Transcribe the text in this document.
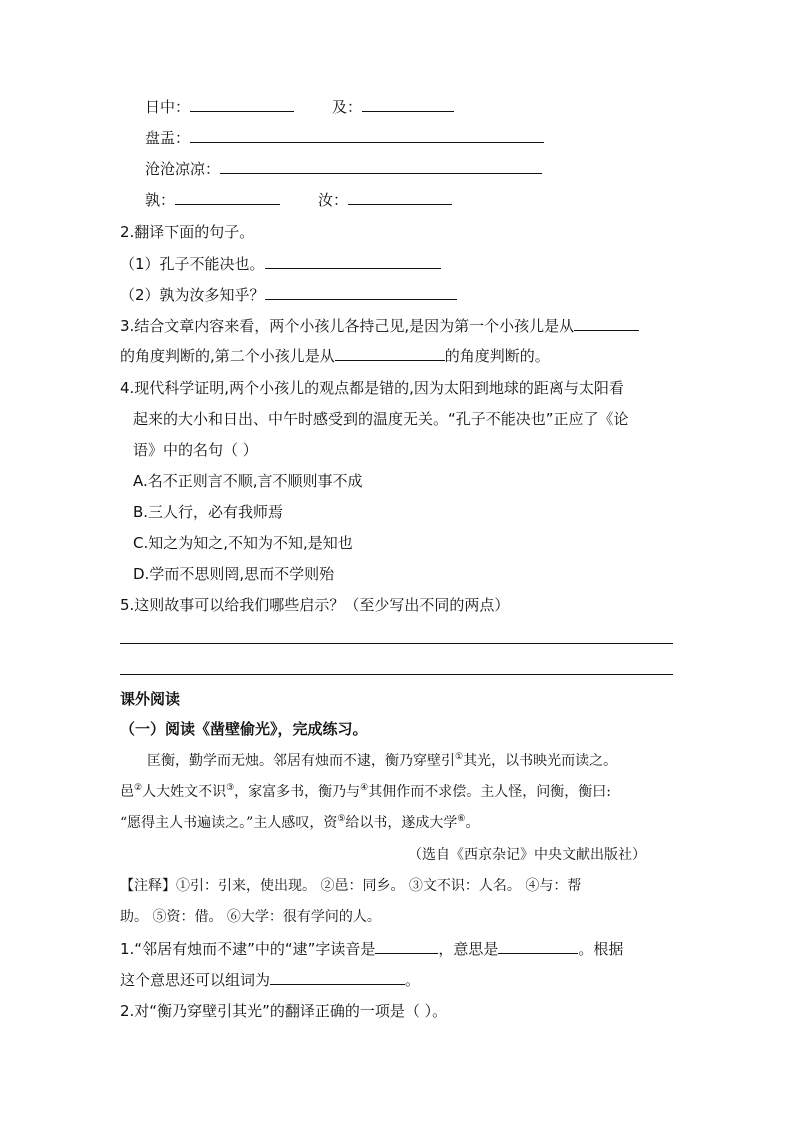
日中：	及：
盘盂：
沧沧凉凉：
孰：	汝：
2.翻译下面的句子。
（1）孔子不能决也。
（2）孰为汝多知乎？
3.结合文章内容来看，两个小孩儿各持己见,是因为第一个小孩儿是从
的角度判断的,第二个小孩儿是从	的角度判断的。
4.现代科学证明,两个小孩儿的观点都是错的,因为太阳到地球的距离与太阳看
起来的大小和日出、中午时感受到的温度无关。“孔子不能决也”正应了《论
语》中的名句（ ）
A.名不正则言不顺,言不顺则事不成
B.三人行，必有我师焉
C.知之为知之,不知为不知,是知也
D.学而不思则罔,思而不学则殆
5.这则故事可以给我们哪些启示？（至少写出不同的两点）
课外阅读
（一）阅读《凿壁偷光》，完成练习。
匡衡，勤学而无烛。邻居有烛而不逮，衡乃穿壁引①其光，以书映光而读之。
邑②人大姓文不识③，家富多书，衡乃与④其佣作而不求偿。主人怪，问衡，衡曰:
“愿得主人书遍读之。”主人感叹，资⑤给以书，遂成大学⑥。
（选自《西京杂记》中央文献出版社）
【注释】①引：引来，使出现。 ②邑：同乡。 ③文不识：人名。 ④与：帮
助。 ⑤资：借。 ⑥大学：很有学问的人。
1.“邻居有烛而不逮”中的“逮”字读音是	，意思是	。根据
这个意思还可以组词为	。
2.对“衡乃穿壁引其光”的翻译正确的一项是（ ）。
